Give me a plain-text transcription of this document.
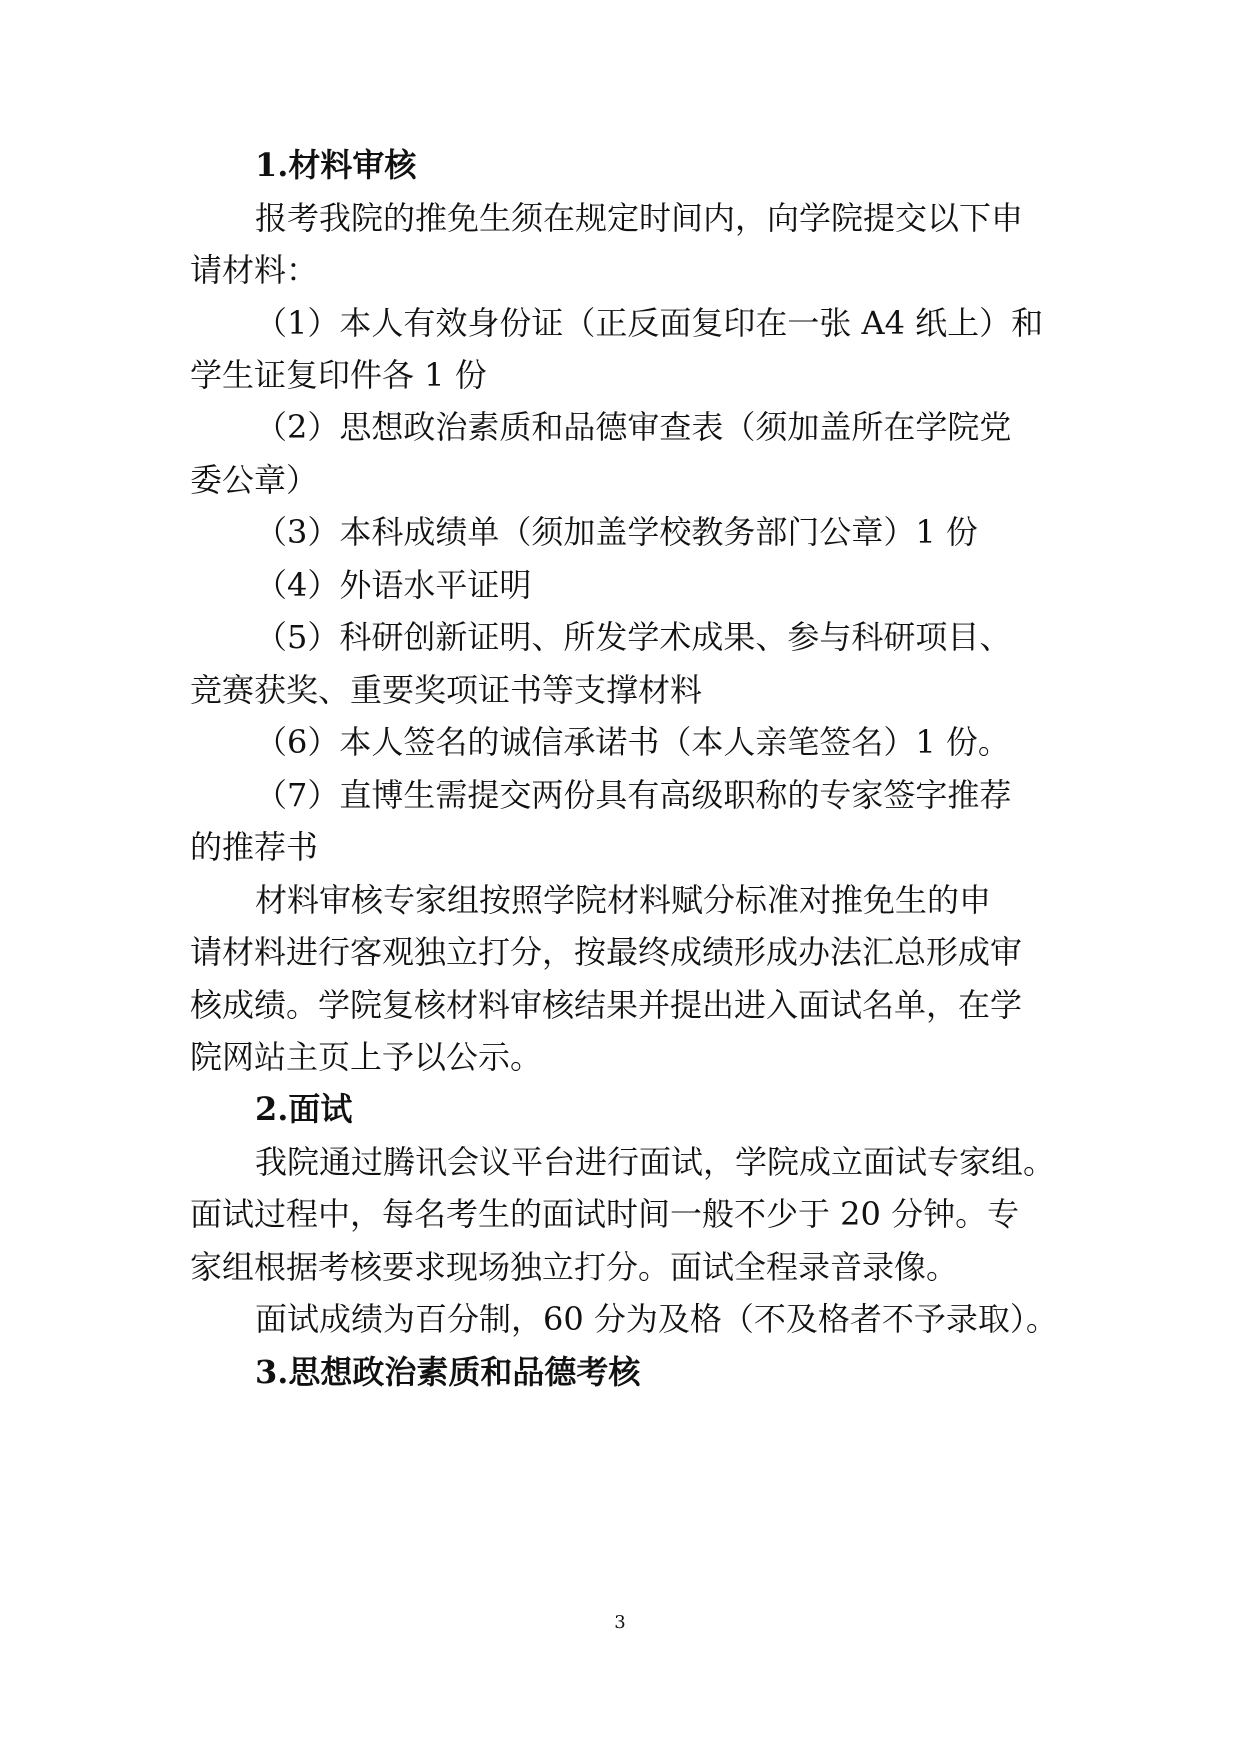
1.材料审核
报考我院的推免生须在规定时间内，向学院提交以下申
请材料：
（1）本人有效身份证（正反面复印在一张 A4 纸上）和
学生证复印件各 1 份
（2）思想政治素质和品德审查表（须加盖所在学院党
委公章）
（3）本科成绩单（须加盖学校教务部门公章）1 份
（4）外语水平证明
（5）科研创新证明、所发学术成果、参与科研项目、
竞赛获奖、重要奖项证书等支撑材料
（6）本人签名的诚信承诺书（本人亲笔签名）1 份。
（7）直博生需提交两份具有高级职称的专家签字推荐
的推荐书
材料审核专家组按照学院材料赋分标准对推免生的申
请材料进行客观独立打分，按最终成绩形成办法汇总形成审
核成绩。学院复核材料审核结果并提出进入面试名单，在学
院网站主页上予以公示。
2.面试
我院通过腾讯会议平台进行面试，学院成立面试专家组。
面试过程中，每名考生的面试时间一般不少于 20 分钟。专
家组根据考核要求现场独立打分。面试全程录音录像。
面试成绩为百分制，60 分为及格（不及格者不予录取）。
3.思想政治素质和品德考核
3
